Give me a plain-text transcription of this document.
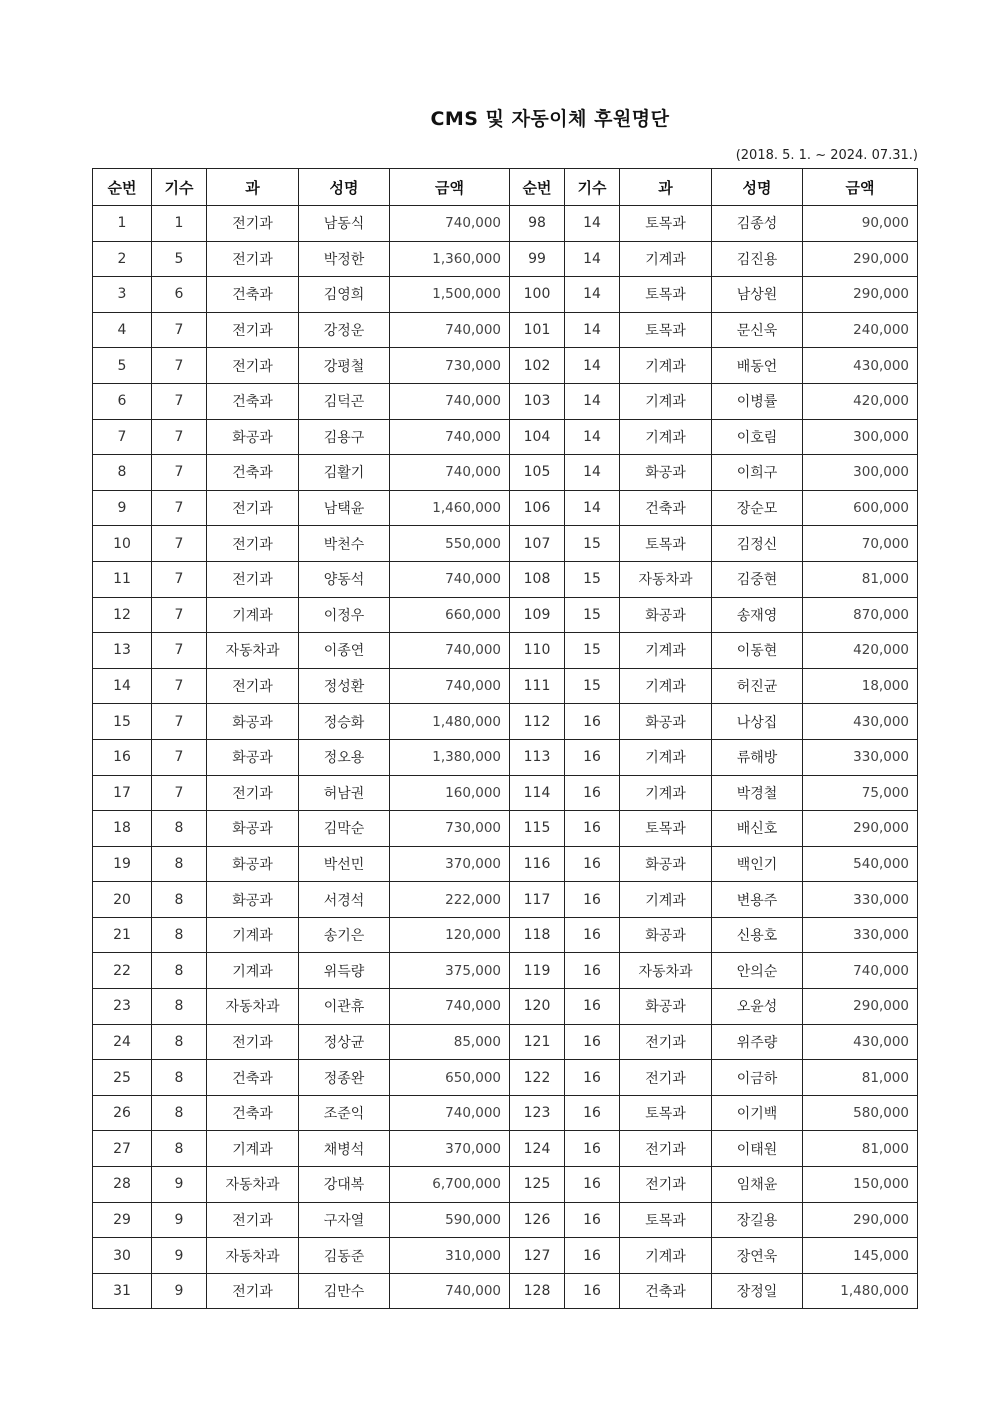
CMS 및 자동이체 후원명단
(2018. 5. 1. ~ 2024. 07.31.)
순번	기수	과	성명	금액	순번	기수	과	성명	금액
1	1	전기과	남동식	740,000	98	14	토목과	김종성	90,000
2	5	전기과	박정한	1,360,000	99	14	기계과	김진용	290,000
3	6	건축과	김영희	1,500,000	100	14	토목과	남상원	290,000
4	7	전기과	강정운	740,000	101	14	토목과	문신욱	240,000
5	7	전기과	강평철	730,000	102	14	기계과	배동언	430,000
6	7	건축과	김덕곤	740,000	103	14	기계과	이병률	420,000
7	7	화공과	김용구	740,000	104	14	기계과	이호림	300,000
8	7	건축과	김활기	740,000	105	14	화공과	이희구	300,000
9	7	전기과	남택윤	1,460,000	106	14	건축과	장순모	600,000
10	7	전기과	박천수	550,000	107	15	토목과	김정신	70,000
11	7	전기과	양동석	740,000	108	15	자동차과	김중현	81,000
12	7	기계과	이정우	660,000	109	15	화공과	송재영	870,000
13	7	자동차과	이종연	740,000	110	15	기계과	이동현	420,000
14	7	전기과	정성환	740,000	111	15	기계과	허진균	18,000
15	7	화공과	정승화	1,480,000	112	16	화공과	나상집	430,000
16	7	화공과	정오용	1,380,000	113	16	기계과	류해방	330,000
17	7	전기과	허남권	160,000	114	16	기계과	박경철	75,000
18	8	화공과	김막순	730,000	115	16	토목과	배신호	290,000
19	8	화공과	박선민	370,000	116	16	화공과	백인기	540,000
20	8	화공과	서경석	222,000	117	16	기계과	변용주	330,000
21	8	기계과	송기은	120,000	118	16	화공과	신용호	330,000
22	8	기계과	위득량	375,000	119	16	자동차과	안의순	740,000
23	8	자동차과	이관휴	740,000	120	16	화공과	오윤성	290,000
24	8	전기과	정상균	85,000	121	16	전기과	위주량	430,000
25	8	건축과	정종완	650,000	122	16	전기과	이금하	81,000
26	8	건축과	조준익	740,000	123	16	토목과	이기백	580,000
27	8	기계과	채병석	370,000	124	16	전기과	이태원	81,000
28	9	자동차과	강대복	6,700,000	125	16	전기과	임채윤	150,000
29	9	전기과	구자열	590,000	126	16	토목과	장길용	290,000
30	9	자동차과	김동준	310,000	127	16	기계과	장연욱	145,000
31	9	전기과	김만수	740,000	128	16	건축과	장정일	1,480,000
